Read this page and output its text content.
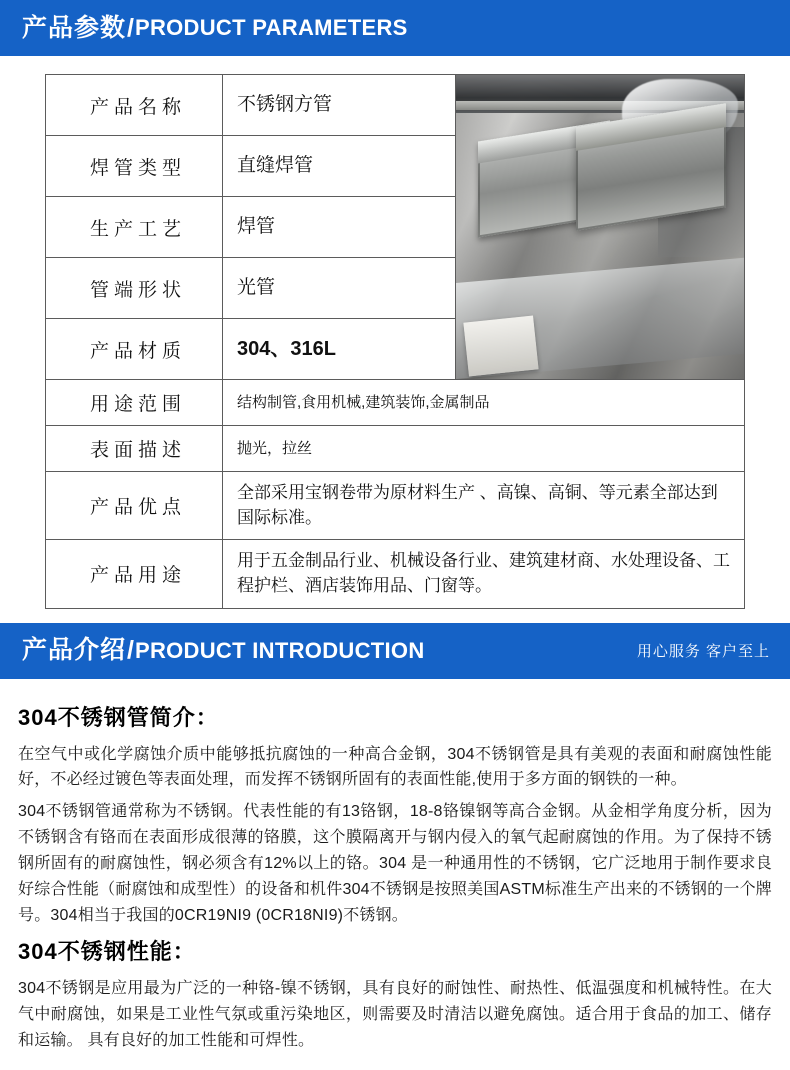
产品参数 / PRODUCT PARAMETERS
产品名称	不锈钢方管	

焊管类型	直缝焊管	
生产工艺	焊管	
管端形状	光管	
产品材质	304、316L	
用途范围	结构制管,食用机械,建筑装饰,金属制品	
表面描述	抛光，拉丝	
产品优点	全部采用宝钢卷带为原材料生产 、高镍、高铜、等元素全部达到国际标准。	
产品用途	用于五金制品行业、机械设备行业、建筑建材商、水处理设备、工程护栏、酒店装饰用品、门窗等。	
产品介绍 / PRODUCT INTRODUCTION	用心服务 客户至上
304不锈钢管简介：

在空气中或化学腐蚀介质中能够抵抗腐蚀的一种高合金钢，304不锈钢管是具有美观的表面和耐腐蚀性能好，不必经过镀色等表面处理，而发挥不锈钢所固有的表面性能,使用于多方面的钢铁的一种。

304不锈钢管通常称为不锈钢。代表性能的有13铬钢，18-8铬镍钢等高合金钢。从金相学角度分析，因为不锈钢含有铬而在表面形成很薄的铬膜，这个膜隔离开与钢内侵入的氧气起耐腐蚀的作用。为了保持不锈钢所固有的耐腐蚀性，钢必须含有12%以上的铬。304 是一种通用性的不锈钢，它广泛地用于制作要求良好综合性能（耐腐蚀和成型性）的设备和机件304不锈钢是按照美国ASTM标准生产出来的不锈钢的一个牌号。304相当于我国的0CR19NI9 (0CR18NI9)不锈钢。

304不锈钢性能：

304不锈钢是应用最为广泛的一种铬-镍不锈钢，具有良好的耐蚀性、耐热性、低温强度和机械特性。在大气中耐腐蚀，如果是工业性气氛或重污染地区，则需要及时清洁以避免腐蚀。适合用于食品的加工、储存和运输。 具有良好的加工性能和可焊性。
